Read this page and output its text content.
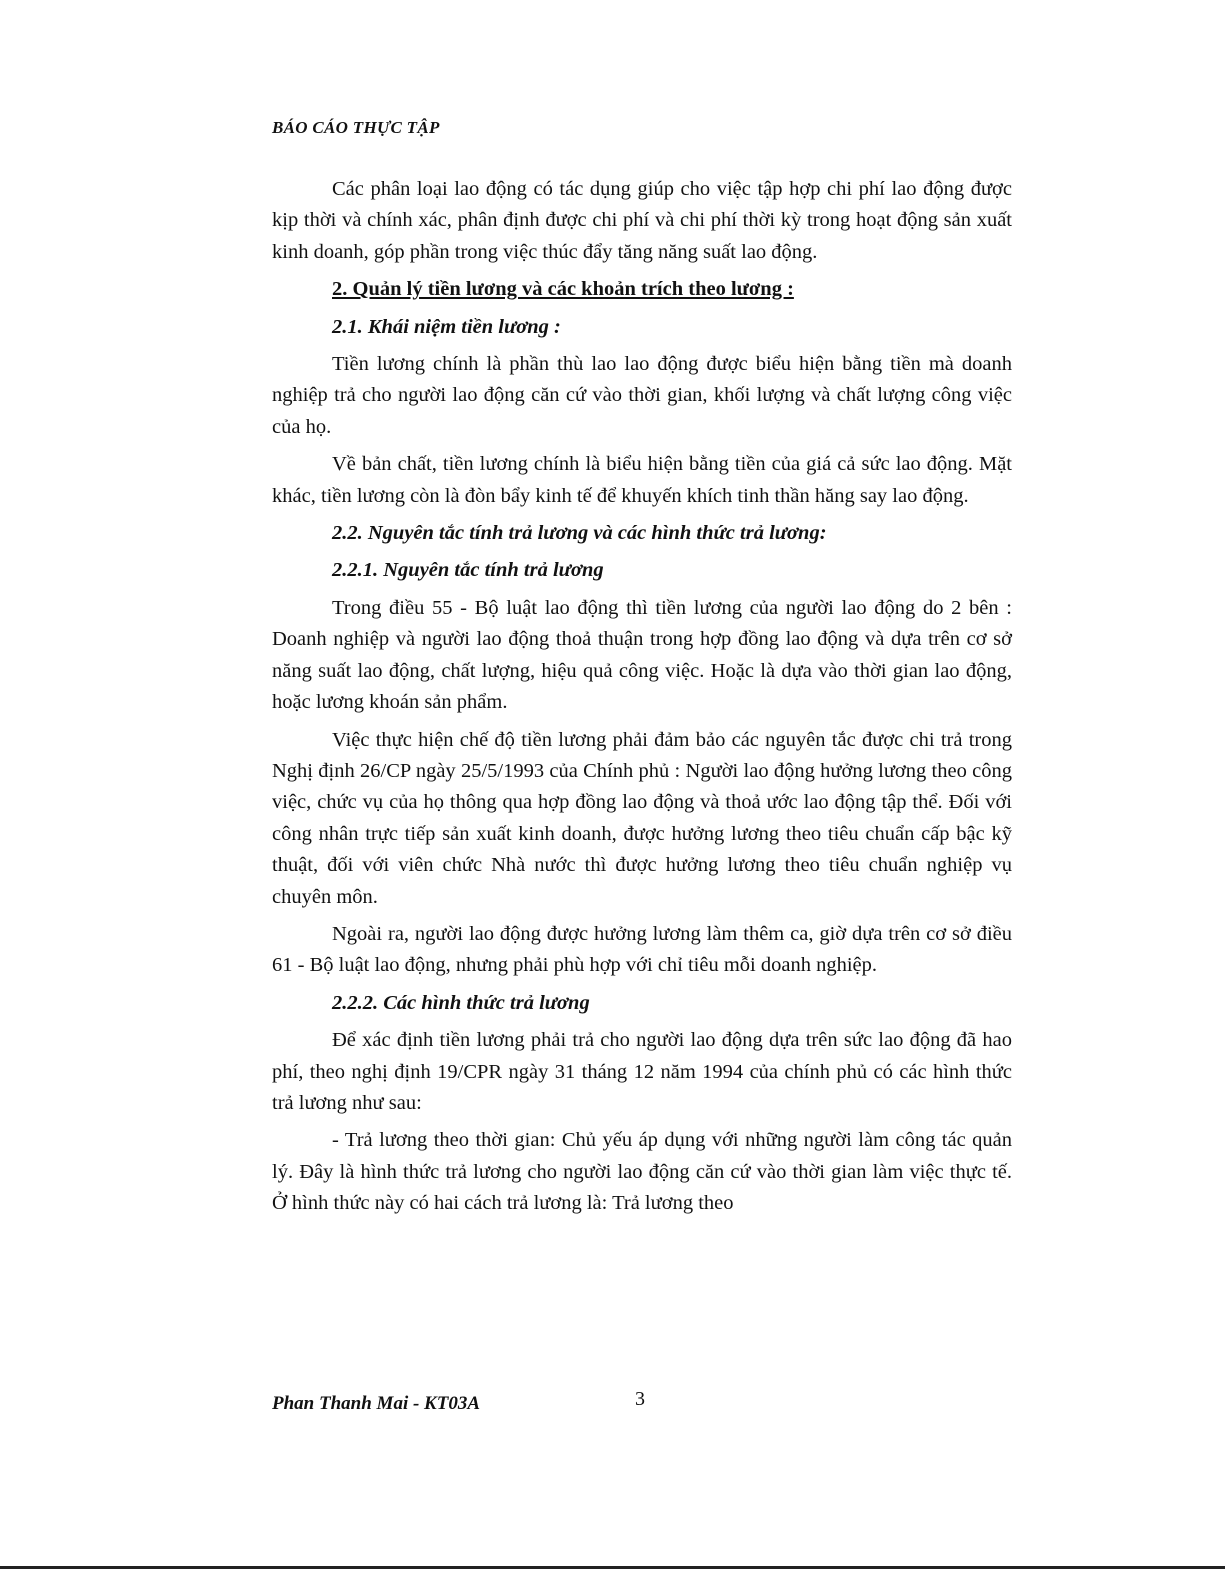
BÁO CÁO THỰC TẬP

Các phân loại lao động có tác dụng giúp cho việc tập hợp chi phí lao động được kịp thời và chính xác, phân định được chi phí và chi phí thời kỳ trong hoạt động sản xuất kinh doanh, góp phần trong việc thúc đẩy tăng năng suất lao động.

2. Quản lý tiền lương và các khoản trích theo lương :

2.1. Khái niệm tiền lương :

Tiền lương chính là phần thù lao lao động được biểu hiện bằng tiền mà doanh nghiệp trả cho người lao động căn cứ vào thời gian, khối lượng và chất lượng công việc của họ.

Về bản chất, tiền lương chính là biểu hiện bằng tiền của giá cả sức lao động. Mặt khác, tiền lương còn là đòn bẩy kinh tế để khuyến khích tinh thần hăng say lao động.

2.2. Nguyên tắc tính trả lương và các hình thức trả lương:

2.2.1. Nguyên tắc tính trả lương

Trong điều 55 - Bộ luật lao động thì tiền lương của người lao động do 2 bên : Doanh nghiệp và người lao động thoả thuận trong hợp đồng lao động và dựa trên cơ sở năng suất lao động, chất lượng, hiệu quả công việc. Hoặc là dựa vào thời gian lao động, hoặc lương khoán sản phẩm.

Việc thực hiện chế độ tiền lương phải đảm bảo các nguyên tắc được chi trả trong Nghị định 26/CP ngày 25/5/1993 của Chính phủ : Người lao động hưởng lương theo công việc, chức vụ của họ thông qua hợp đồng lao động và thoả ước lao động tập thể. Đối với công nhân trực tiếp sản xuất kinh doanh, được hưởng lương theo tiêu chuẩn cấp bậc kỹ thuật, đối với viên chức Nhà nước thì được hưởng lương theo tiêu chuẩn nghiệp vụ chuyên môn.

Ngoài ra, người lao động được hưởng lương làm thêm ca, giờ dựa trên cơ sở điều 61 - Bộ luật lao động, nhưng phải phù hợp với chỉ tiêu mỗi doanh nghiệp.

2.2.2. Các hình thức trả lương

Để xác định tiền lương phải trả cho người lao động dựa trên sức lao động đã hao phí, theo nghị định 19/CPR ngày 31 tháng 12 năm 1994 của chính phủ có các hình thức trả lương như sau:

- Trả lương theo thời gian: Chủ yếu áp dụng với những người làm công tác quản lý. Đây là hình thức trả lương cho người lao động căn cứ vào thời gian làm việc thực tế. Ở hình thức này có hai cách trả lương là: Trả lương theo

Phan Thanh Mai - KT03A	3
